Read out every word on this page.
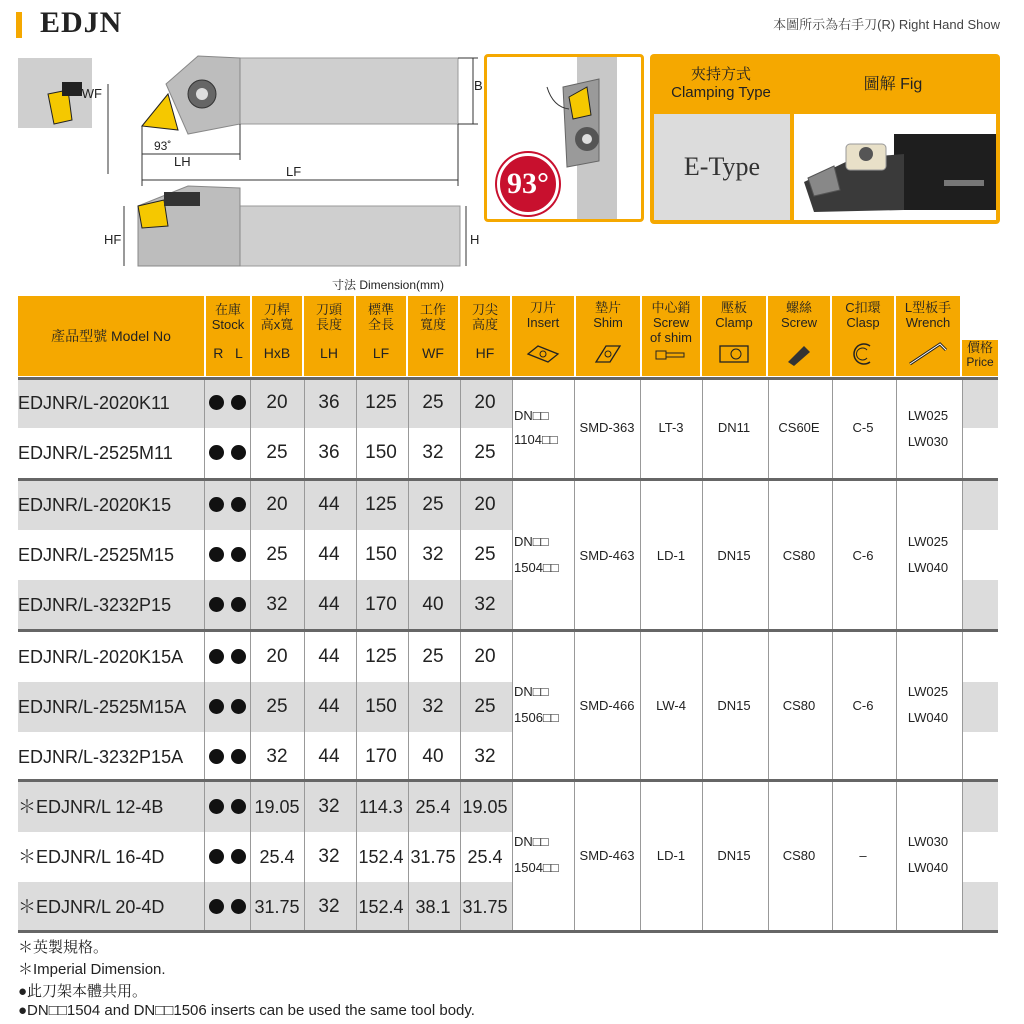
EDJN	本圖所示為右手刀(R) Right Hand Show
WF
B
93˚
LH
LF
HF	H
93°
夾持方式
Clamping Type	圖解 Fig
E-Type
寸法 Dimension(mm)
產品型號 Model No
在庫
Stock
R L
刀桿
高x寬
HxB
刀頭
長度
LH
標準
全長
LF
工作
寬度
WF
刀尖
高度
HF
刀片
Insert
墊片
Shim
中心銷
Screw
of shim
壓板
Clamp
螺絲
Screw
C扣環
Clasp
L型板手
Wrench
價格
Price
EDJNR/L-2020K11	20	36	125	25	20
EDJNR/L-2525M11	25	36	150	32	25
EDJNR/L-2020K15	20	44	125	25	20
EDJNR/L-2525M15	25	44	150	32	25
EDJNR/L-3232P15	32	44	170	40	32
EDJNR/L-2020K15A	20	44	125	25	20
EDJNR/L-2525M15A	25	44	150	32	25
EDJNR/L-3232P15A	32	44	170	40	32
＊EDJNR/L 12-4B	19.05 32	114.3 25.4 19.05
＊EDJNR/L 16-4D	25.4	32	152.4 31.75 25.4
＊EDJNR/L 20-4D	31.75 32	152.4 38.1 31.75
DN□□
1104□□
SMD-363	LT-3	DN11	CS60E	C-5
LW025
LW030
DN□□
1504□□
SMD-463	LD-1	DN15	CS80	C-6
LW025
LW040
DN□□
1506□□
SMD-466	LW-4	DN15	CS80	C-6
LW025
LW040
DN□□
1504□□
SMD-463	LD-1	DN15	CS80	–
LW030
LW040
＊英製規格。
＊Imperial Dimension.
●此刀架本體共用。
●DN□□1504 and DN□□1506 inserts can be used the same tool body.
